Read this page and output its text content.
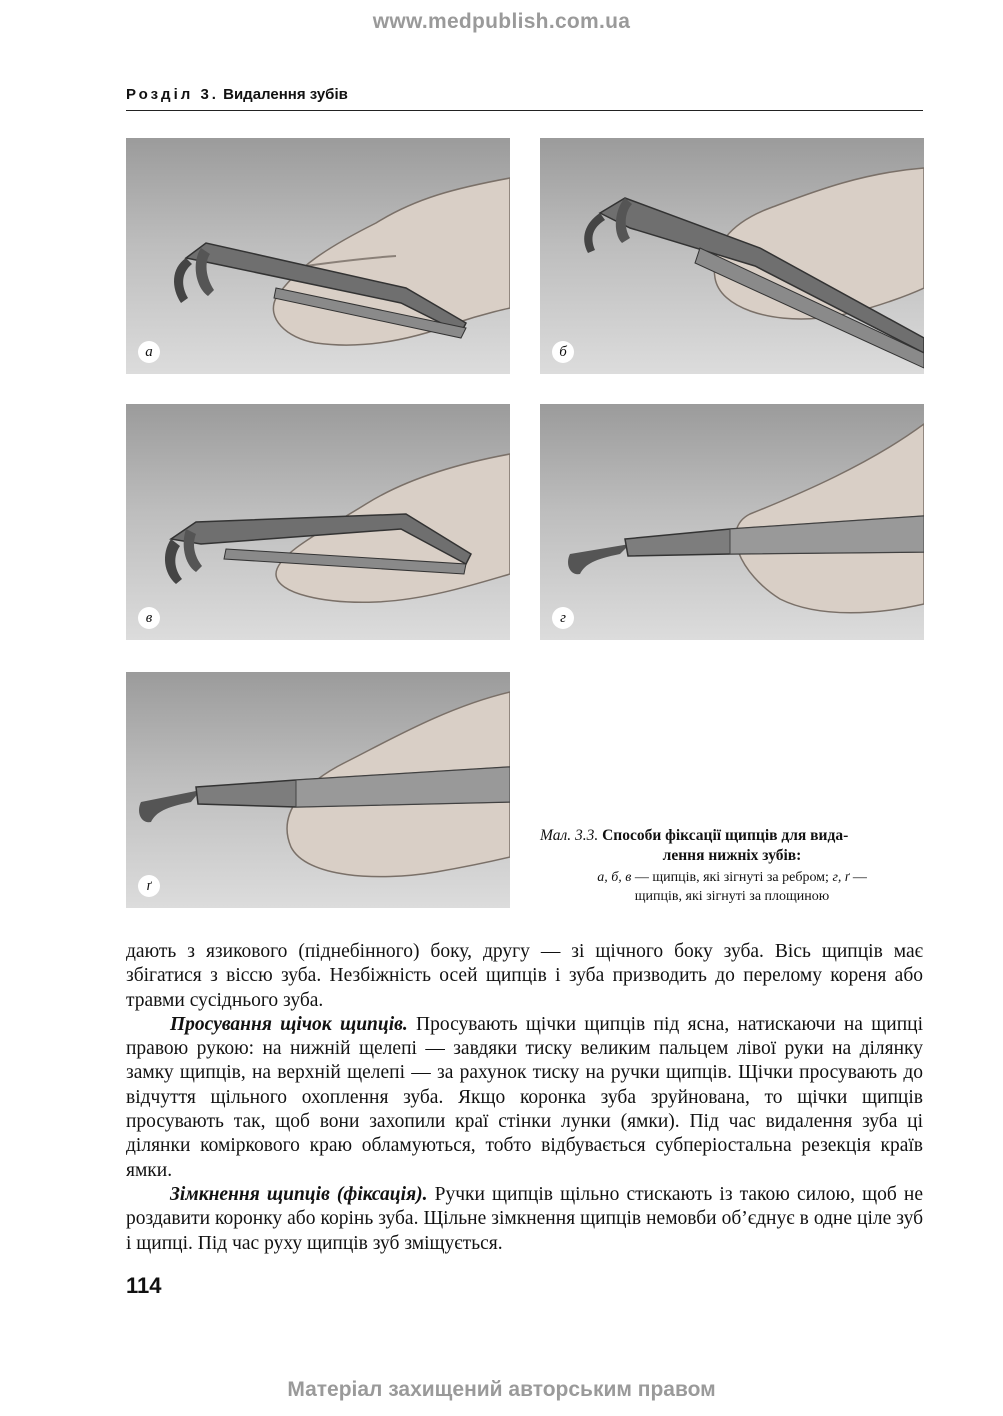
www.medpublish.com.ua
Розділ 3. Видалення зубів
а	б
в	г
ґ
Мал. 3.3. Способи фіксації щипців для вида-
лення нижніх зубів:
а, б, в — щипців, які зігнуті за ребром; г, ґ —
щипців, які зігнуті за площиною

дають з язикового (піднебінного) боку, другу — зі щічного боку зуба. Вісь щипців має збігатися з віссю зуба. Незбіжність осей щипців і зуба призводить до перелому кореня або травми сусіднього зуба.

Просування щічок щипців. Просувають щічки щипців під ясна, натискаючи на щипці правою рукою: на нижній щелепі — завдяки тиску великим пальцем лівої руки на ділянку замку щипців, на верхній щелепі — за рахунок тиску на ручки щипців. Щічки просувають до відчуття щільного охоплення зуба. Якщо коронка зуба зруйнована, то щічки щипців просувають так, щоб вони захопили краї стінки лунки (ямки). Під час видалення зуба ці ділянки коміркового краю обламуються, тобто відбувається субперіостальна резекція країв ямки.

Зімкнення щипців (фіксація). Ручки щипців щільно стискають із такою силою, щоб не роздавити коронку або корінь зуба. Щільне зімкнення щипців немовби об’єднує в одне ціле зуб і щипці. Під час руху щипців зуб зміщується.

114
Матеріал захищений авторським правом
